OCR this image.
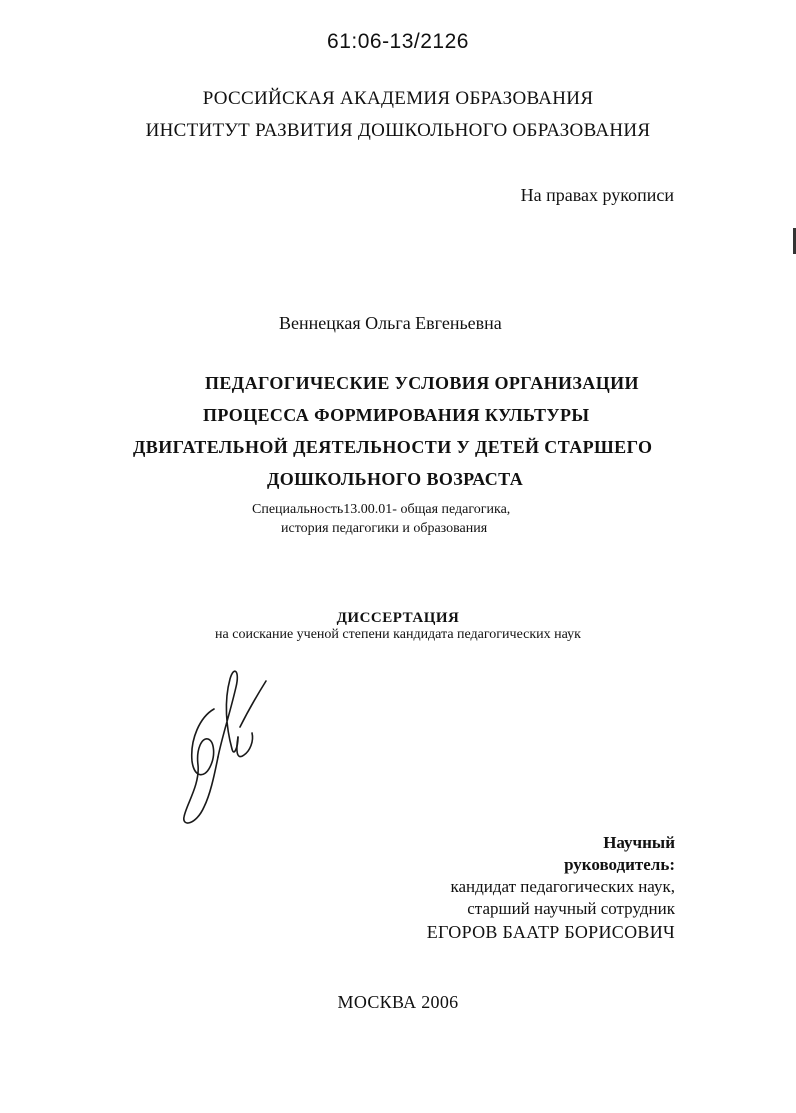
61:06-13/2126
РОССИЙСКАЯ АКАДЕМИЯ ОБРАЗОВАНИЯ
ИНСТИТУТ РАЗВИТИЯ ДОШКОЛЬНОГО ОБРАЗОВАНИЯ
На правах рукописи
Веннецкая Ольга Евгеньевна
ПЕДАГОГИЧЕСКИЕ УСЛОВИЯ ОРГАНИЗАЦИИ
ПРОЦЕССА ФОРМИРОВАНИЯ КУЛЬТУРЫ
ДВИГАТЕЛЬНОЙ ДЕЯТЕЛЬНОСТИ У ДЕТЕЙ СТАРШЕГО
ДОШКОЛЬНОГО ВОЗРАСТА
Специальность13.00.01- общая педагогика,
история педагогики и образования
ДИССЕРТАЦИЯ
на соискание ученой степени кандидата педагогических наук
Научный
руководитель:
кандидат педагогических наук,
старший научный сотрудник
ЕГОРОВ БААТР БОРИСОВИЧ
МОСКВА 2006
